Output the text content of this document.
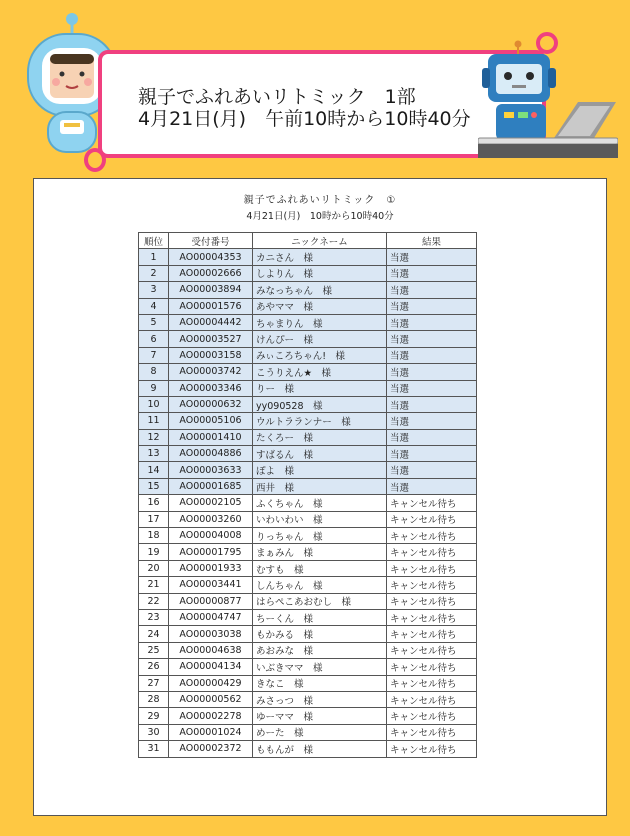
親子でふれあいリトミック　1部
4月21日(月)　午前10時から10時40分
親子でふれあいリトミック　①
4月21日(月)　10時から10時40分
順位	受付番号	ニックネーム	結果
1	AO00004353	カニさん　様	当選
2	AO00002666	しよりん　様	当選
3	AO00003894	みなっちゃん　様	当選
4	AO00001576	あやママ　様	当選
5	AO00004442	ちゃまりん　様	当選
6	AO00003527	けんぴー　様	当選
7	AO00003158	みぃころちゃん!　様	当選
8	AO00003742	こうりえん★　様	当選
9	AO00003346	りー　様	当選
10	AO00000632	yy090528　様	当選
11	AO00005106	ウルトラランナー　様	当選
12	AO00001410	たくろー　様	当選
13	AO00004886	すばるん　様	当選
14	AO00003633	ぽよ　様	当選
15	AO00001685	西井　様	当選
16	AO00002105	ふくちゃん　様	キャンセル待ち
17	AO00003260	いわいわい　様	キャンセル待ち
18	AO00004008	りっちゃん　様	キャンセル待ち
19	AO00001795	まぁみん　様	キャンセル待ち
20	AO00001933	むすも　様	キャンセル待ち
21	AO00003441	しんちゃん　様	キャンセル待ち
22	AO00000877	はらぺこあおむし　様	キャンセル待ち
23	AO00004747	ちーくん　様	キャンセル待ち
24	AO00003038	もかみる　様	キャンセル待ち
25	AO00004638	あおみな　様	キャンセル待ち
26	AO00004134	いぶきママ　様	キャンセル待ち
27	AO00000429	きなこ　様	キャンセル待ち
28	AO00000562	みさっつ　様	キャンセル待ち
29	AO00002278	ゆーママ　様	キャンセル待ち
30	AO00001024	めーた　様	キャンセル待ち
31	AO00002372	ももんが　様	キャンセル待ち
